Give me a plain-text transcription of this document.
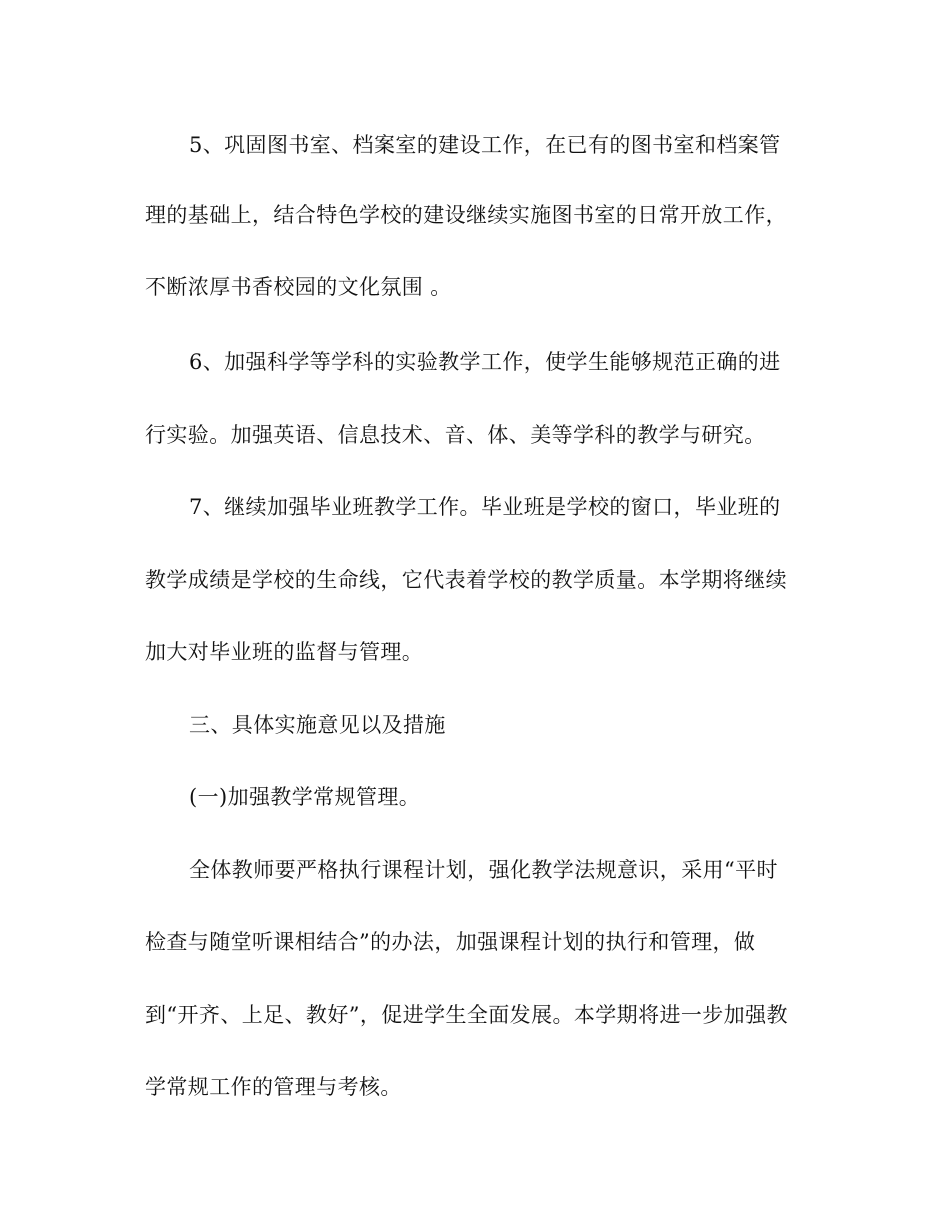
5、巩固图书室、档案室的建设工作，在已有的图书室和档案管
理的基础上，结合特色学校的建设继续实施图书室的日常开放工作，
不断浓厚书香校园的文化氛围 。
6、加强科学等学科的实验教学工作，使学生能够规范正确的进
行实验。加强英语、信息技术、音、体、美等学科的教学与研究。
7、继续加强毕业班教学工作。毕业班是学校的窗口，毕业班的
教学成绩是学校的生命线，它代表着学校的教学质量。本学期将继续
加大对毕业班的监督与管理。
三、具体实施意见以及措施
(一)加强教学常规管理。
全体教师要严格执行课程计划，强化教学法规意识，采用“平时
检查与随堂听课相结合”的办法，加强课程计划的执行和管理，做
到“开齐、上足、教好”，促进学生全面发展。本学期将进一步加强教
学常规工作的管理与考核。
